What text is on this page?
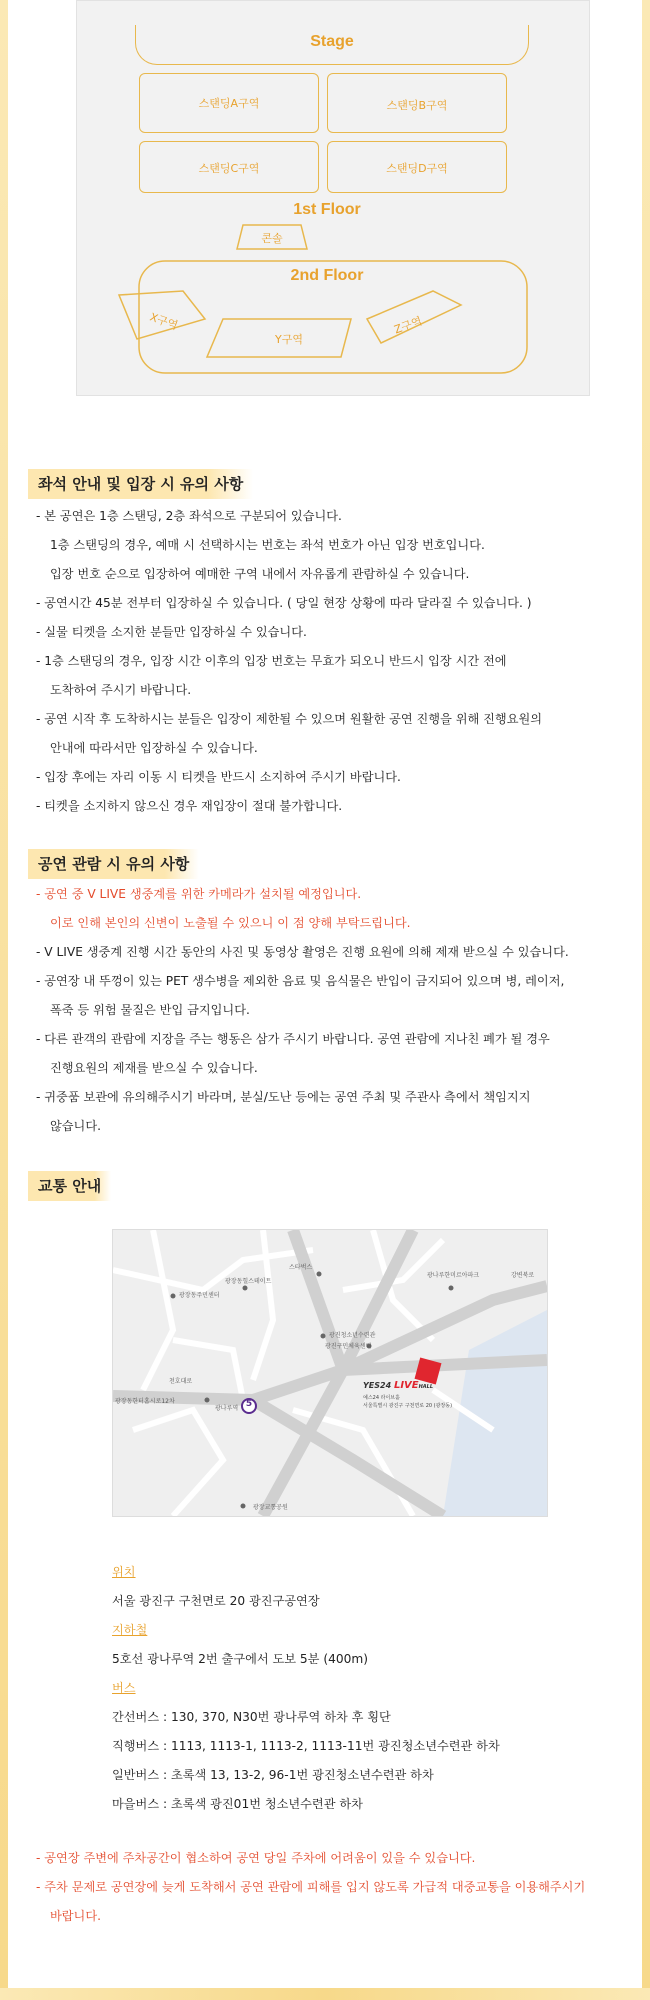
Stage
스탠딩A구역	스탠딩B구역
스탠딩C구역	스탠딩D구역
1st Floor
콘솔
2nd Floor
X구역
Y구역
Z구역
좌석 안내 및 입장 시 유의 사항
- 본 공연은 1층 스탠딩, 2층 좌석으로 구분되어 있습니다.
1층 스탠딩의 경우, 예매 시 선택하시는 번호는 좌석 번호가 아닌 입장 번호입니다.
입장 번호 순으로 입장하여 예매한 구역 내에서 자유롭게 관람하실 수 있습니다.
- 공연시간 45분 전부터 입장하실 수 있습니다. ( 당일 현장 상황에 따라 달라질 수 있습니다. )
- 실물 티켓을 소지한 분들만 입장하실 수 있습니다.
- 1층 스탠딩의 경우, 입장 시간 이후의 입장 번호는 무효가 되오니 반드시 입장 시간 전에
도착하여 주시기 바랍니다.
- 공연 시작 후 도착하시는 분들은 입장이 제한될 수 있으며 원활한 공연 진행을 위해 진행요원의
안내에 따라서만 입장하실 수 있습니다.
- 입장 후에는 자리 이동 시 티켓을 반드시 소지하여 주시기 바랍니다.
- 티켓을 소지하지 않으신 경우 재입장이 절대 불가합니다.
공연 관람 시 유의 사항
- 공연 중 V LIVE 생중계를 위한 카메라가 설치될 예정입니다.
이로 인해 본인의 신변이 노출될 수 있으니 이 점 양해 부탁드립니다.
- V LIVE 생중계 진행 시간 동안의 사진 및 동영상 촬영은 진행 요원에 의해 제재 받으실 수 있습니다.
- 공연장 내 뚜껑이 있는 PET 생수병을 제외한 음료 및 음식물은 반입이 금지되어 있으며 병, 레이저,
폭죽 등 위험 물질은 반입 금지입니다.
- 다른 관객의 관람에 지장을 주는 행동은 삼가 주시기 바랍니다. 공연 관람에 지나친 폐가 될 경우
진행요원의 제재를 받으실 수 있습니다.
- 귀중품 보관에 유의해주시기 바라며, 분실/도난 등에는 공연 주최 및 주관사 측에서 책임지지
않습니다.
교통 안내
5
광장동주민센터
광장동힐스테이트
스타벅스
광나루한미르아파크	강변북로
광진청소년수련관
광진구민체육센터
천호대로
광장동한터홈시로12차
광나루역
광장교통공원
YES24 LIVEHALL
예스24 라이브홀
서울특별시 광진구 구천면로 20 (광장동)
위치
서울 광진구 구천면로 20 광진구공연장
지하철
5호선 광나루역 2번 출구에서 도보 5분 (400m)
버스
간선버스 : 130, 370, N30번 광나루역 하차 후 횡단
직행버스 : 1113, 1113-1, 1113-2, 1113-11번 광진청소년수련관 하차
일반버스 : 초록색 13, 13-2, 96-1번 광진청소년수련관 하차
마을버스 : 초록색 광진01번 청소년수련관 하차
- 공연장 주변에 주차공간이 협소하여 공연 당일 주차에 어려움이 있을 수 있습니다.
- 주차 문제로 공연장에 늦게 도착해서 공연 관람에 피해를 입지 않도록 가급적 대중교통을 이용해주시기
바랍니다.
